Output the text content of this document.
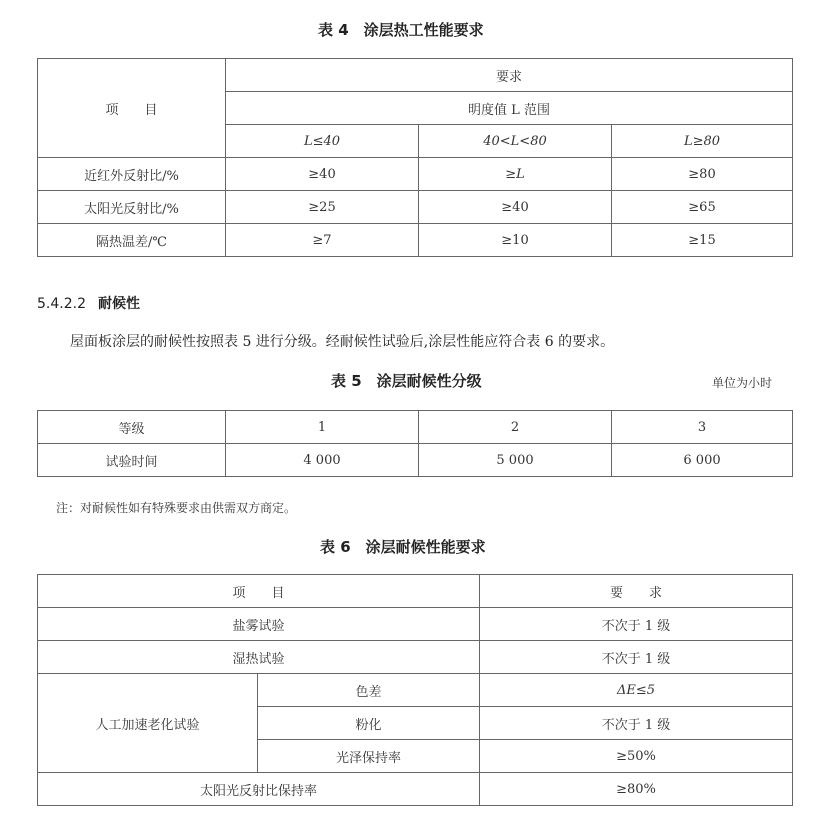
表 4　涂层热工性能要求
项　　目	要求		
	明度值 L 范围		
	L≤40	40<L<80	L≥80
近红外反射比/%	≥40	≥L	≥80
太阳光反射比/%	≥25	≥40	≥65
隔热温差/℃	≥7	≥10	≥15
5.4.2.2 耐候性
屋面板涂层的耐候性按照表 5 进行分级。经耐候性试验后,涂层性能应符合表 6 的要求。
表 5　涂层耐候性分级	单位为小时
等级	1	2	3
试验时间	4 000	5 000	6 000
注：对耐候性如有特殊要求由供需双方商定。
表 6　涂层耐候性能要求
项　　目		要　　求
盐雾试验		不次于 1 级
湿热试验		不次于 1 级
人工加速老化试验	色差	ΔE≤5
	粉化	不次于 1 级
	光泽保持率	≥50%
太阳光反射比保持率		≥80%
